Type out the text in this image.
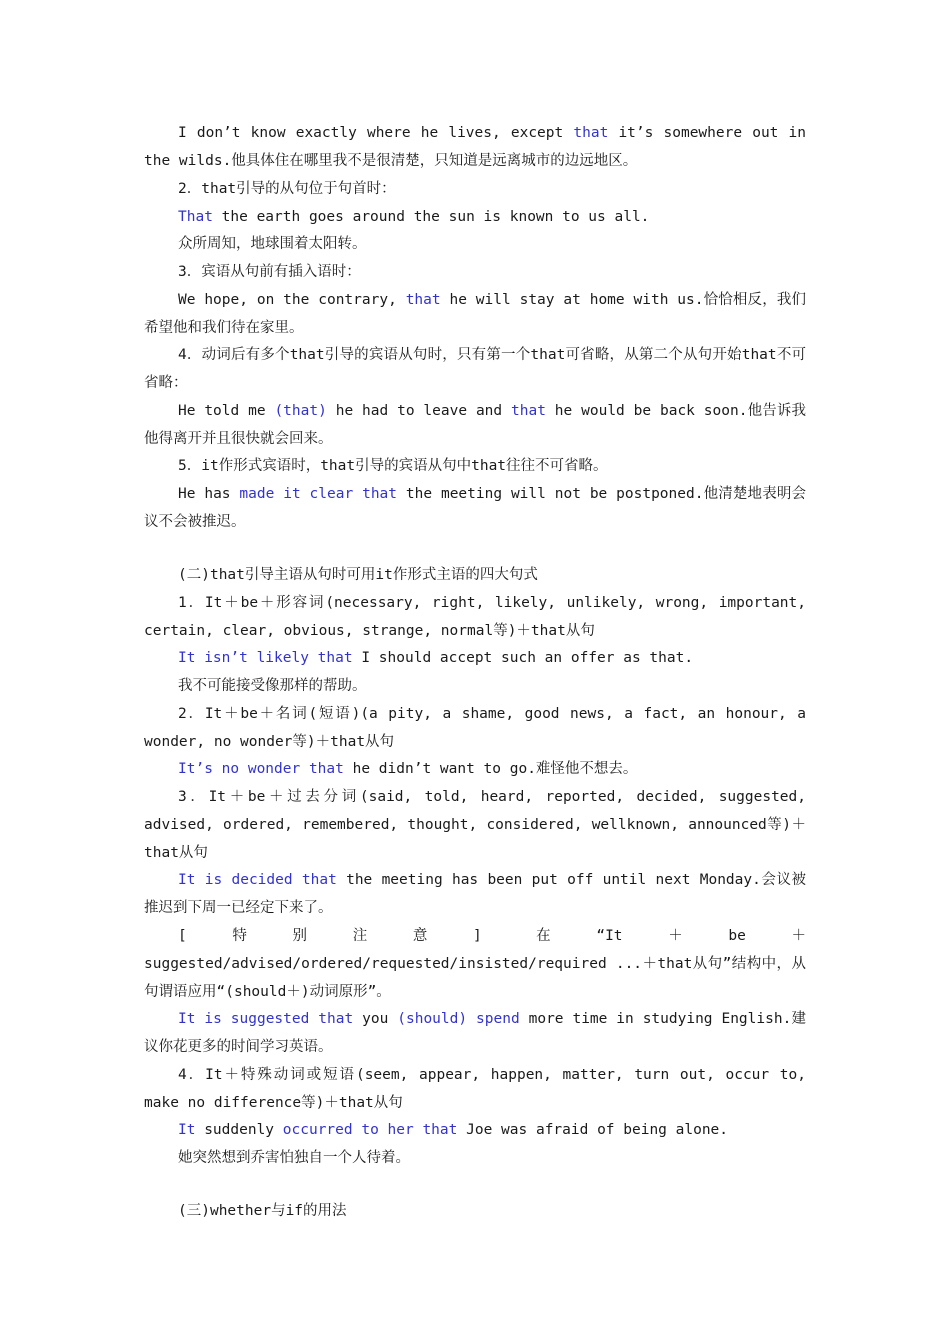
I don’t know exactly where he lives, except that it’s somewhere out in the wilds.他具体住在哪里我不是很清楚，只知道是远离城市的边远地区。

2．that引导的从句位于句首时：

That the earth goes around the sun is known to us all.

众所周知，地球围着太阳转。

3．宾语从句前有插入语时：

We hope, on the contrary, that he will stay at home with us.恰恰相反，我们希望他和我们待在家里。

4．动词后有多个that引导的宾语从句时，只有第一个that可省略，从第二个从句开始that不可省略：

He told me (that) he had to leave and that he would be back soon.他告诉我他得离开并且很快就会回来。

5．it作形式宾语时，that引导的宾语从句中that往往不可省略。

He has made it clear that the meeting will not be postponed.他清楚地表明会议不会被推迟。

(二)that引导主语从句时可用it作形式主语的四大句式

1．It＋be＋形容词(necessary, right, likely, unlikely, wrong, important, certain, clear, obvious, strange, normal等)＋that从句

It isn’t likely that I should accept such an offer as that.

我不可能接受像那样的帮助。

2．It＋be＋名词(短语)(a pity, a shame, good news, a fact, an honour, a wonder, no wonder等)＋that从句

It’s no wonder that he didn’t want to go.难怪他不想去。

3．It＋be＋过去分词(said, told, heard, reported, decided, suggested, advised, ordered, remembered, thought, considered, wellknown, announced等)＋that从句

It is decided that the meeting has been put off until next Monday.会议被推迟到下周一已经定下来了。

[特别注意] 在“It＋be＋suggested/advised/ordered/requested/insisted/required ...＋that从句”结构中，从句谓语应用“(should＋)动词原形”。

It is suggested that you (should) spend more time in studying English.建议你花更多的时间学习英语。

4．It＋特殊动词或短语(seem, appear, happen, matter, turn out, occur to, make no difference等)＋that从句

It suddenly occurred to her that Joe was afraid of being alone.

她突然想到乔害怕独自一个人待着。

(三)whether与if的用法
